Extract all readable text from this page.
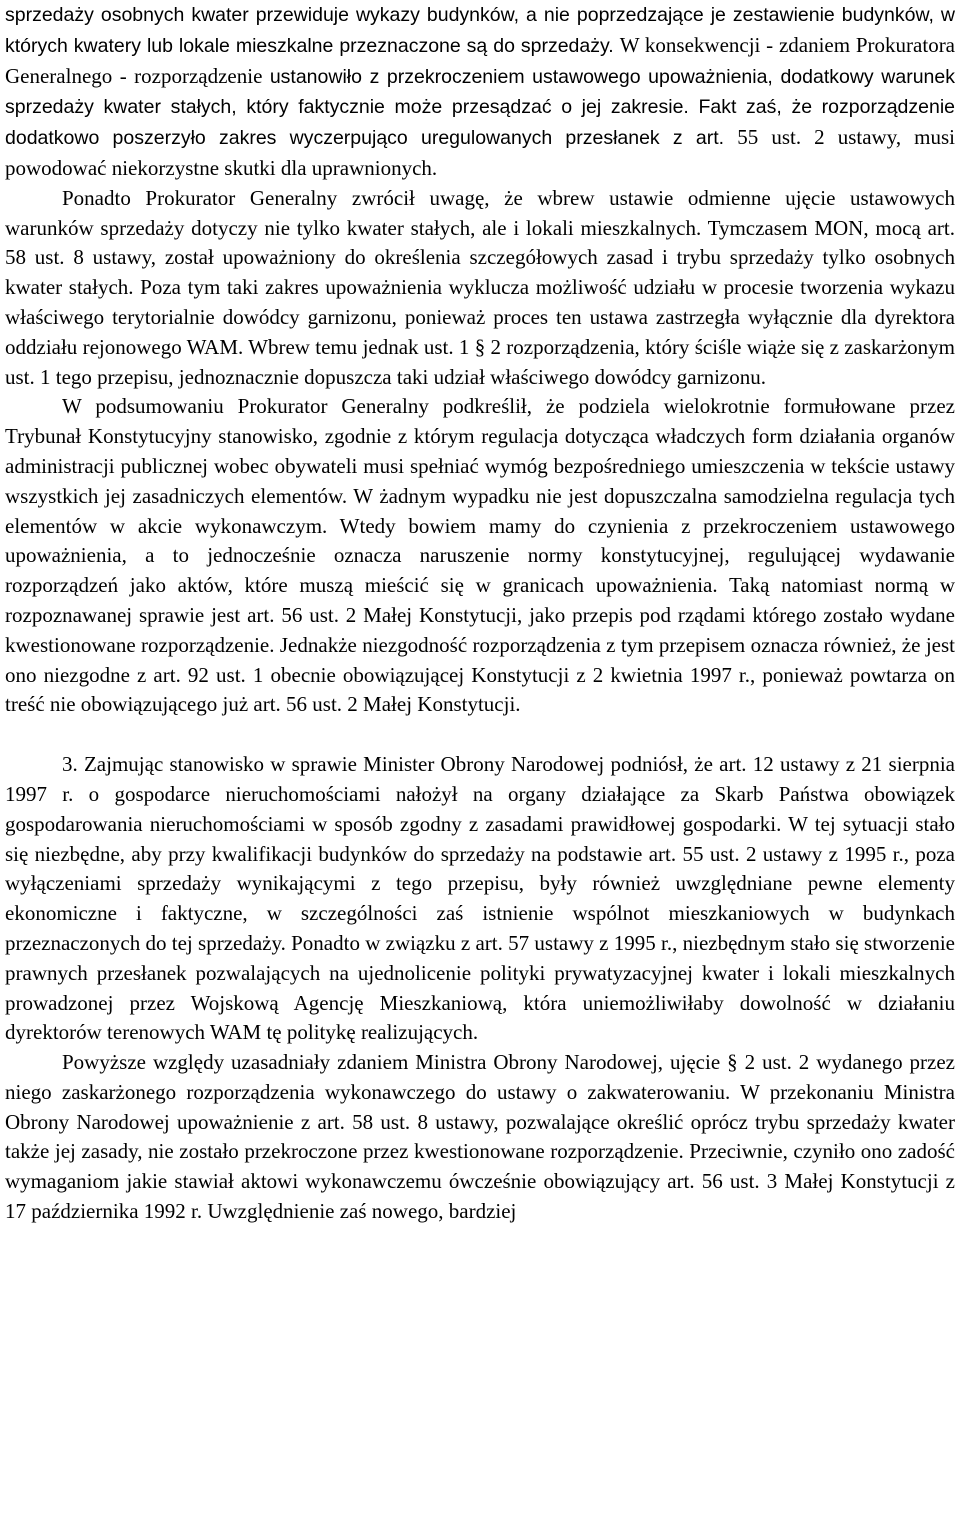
sprzedaży osobnych kwater przewiduje wykazy budynków, a nie poprzedzające je zestawienie budynków, w których kwatery lub lokale mieszkalne przeznaczone są do sprzedaży. W konsekwencji - zdaniem Prokuratora Generalnego - rozporządzenie ustanowiło z przekroczeniem ustawowego upoważnienia, dodatkowy warunek sprzedaży kwater stałych, który faktycznie może przesądzać o jej zakresie. Fakt zaś, że rozporządzenie dodatkowo poszerzyło zakres wyczerpująco uregulowanych przesłanek z art. 55 ust. 2 ustawy, musi powodować niekorzystne skutki dla uprawnionych.

Ponadto Prokurator Generalny zwrócił uwagę, że wbrew ustawie odmienne ujęcie ustawowych warunków sprzedaży dotyczy nie tylko kwater stałych, ale i lokali mieszkalnych. Tymczasem MON, mocą art. 58 ust. 8 ustawy, został upoważniony do określenia szczegółowych zasad i trybu sprzedaży tylko osobnych kwater stałych. Poza tym taki zakres upoważnienia wyklucza możliwość udziału w procesie tworzenia wykazu właściwego terytorialnie dowódcy garnizonu, ponieważ proces ten ustawa zastrzegła wyłącznie dla dyrektora oddziału rejonowego WAM. Wbrew temu jednak ust. 1 § 2 rozporządzenia, który ściśle wiąże się z zaskarżonym ust. 1 tego przepisu, jednoznacznie dopuszcza taki udział właściwego dowódcy garnizonu.

W podsumowaniu Prokurator Generalny podkreślił, że podziela wielokrotnie formułowane przez Trybunał Konstytucyjny stanowisko, zgodnie z którym regulacja dotycząca władczych form działania organów administracji publicznej wobec obywateli musi spełniać wymóg bezpośredniego umieszczenia w tekście ustawy wszystkich jej zasadniczych elementów. W żadnym wypadku nie jest dopuszczalna samodzielna regulacja tych elementów w akcie wykonawczym. Wtedy bowiem mamy do czynienia z przekroczeniem ustawowego upoważnienia, a to jednocześnie oznacza naruszenie normy konstytucyjnej, regulującej wydawanie rozporządzeń jako aktów, które muszą mieścić się w granicach upoważnienia. Taką natomiast normą w rozpoznawanej sprawie jest art. 56 ust. 2 Małej Konstytucji, jako przepis pod rządami którego zostało wydane kwestionowane rozporządzenie. Jednakże niezgodność rozporządzenia z tym przepisem oznacza również, że jest ono niezgodne z art. 92 ust. 1 obecnie obowiązującej Konstytucji z 2 kwietnia 1997 r., ponieważ powtarza on treść nie obowiązującego już art. 56 ust. 2 Małej Konstytucji.

3. Zajmując stanowisko w sprawie Minister Obrony Narodowej podniósł, że art. 12 ustawy z 21 sierpnia 1997 r. o gospodarce nieruchomościami nałożył na organy działające za Skarb Państwa obowiązek gospodarowania nieruchomościami w sposób zgodny z zasadami prawidłowej gospodarki. W tej sytuacji stało się niezbędne, aby przy kwalifikacji budynków do sprzedaży na podstawie art. 55 ust. 2 ustawy z 1995 r., poza wyłączeniami sprzedaży wynikającymi z tego przepisu, były również uwzględniane pewne elementy ekonomiczne i faktyczne, w szczególności zaś istnienie wspólnot mieszkaniowych w budynkach przeznaczonych do tej sprzedaży. Ponadto w związku z art. 57 ustawy z 1995 r., niezbędnym stało się stworzenie prawnych przesłanek pozwalających na ujednolicenie polityki prywatyzacyjnej kwater i lokali mieszkalnych prowadzonej przez Wojskową Agencję Mieszkaniową, która uniemożliwiłaby dowolność w działaniu dyrektorów terenowych WAM tę politykę realizujących.

Powyższe względy uzasadniały zdaniem Ministra Obrony Narodowej, ujęcie § 2 ust. 2 wydanego przez niego zaskarżonego rozporządzenia wykonawczego do ustawy o zakwaterowaniu. W przekonaniu Ministra Obrony Narodowej upoważnienie z art. 58 ust. 8 ustawy, pozwalające określić oprócz trybu sprzedaży kwater także jej zasady, nie zostało przekroczone przez kwestionowane rozporządzenie. Przeciwnie, czyniło ono zadość wymaganiom jakie stawiał aktowi wykonawczemu ówcześnie obowiązujący art. 56 ust. 3 Małej Konstytucji z 17 października 1992 r. Uwzględnienie zaś nowego, bardziej
